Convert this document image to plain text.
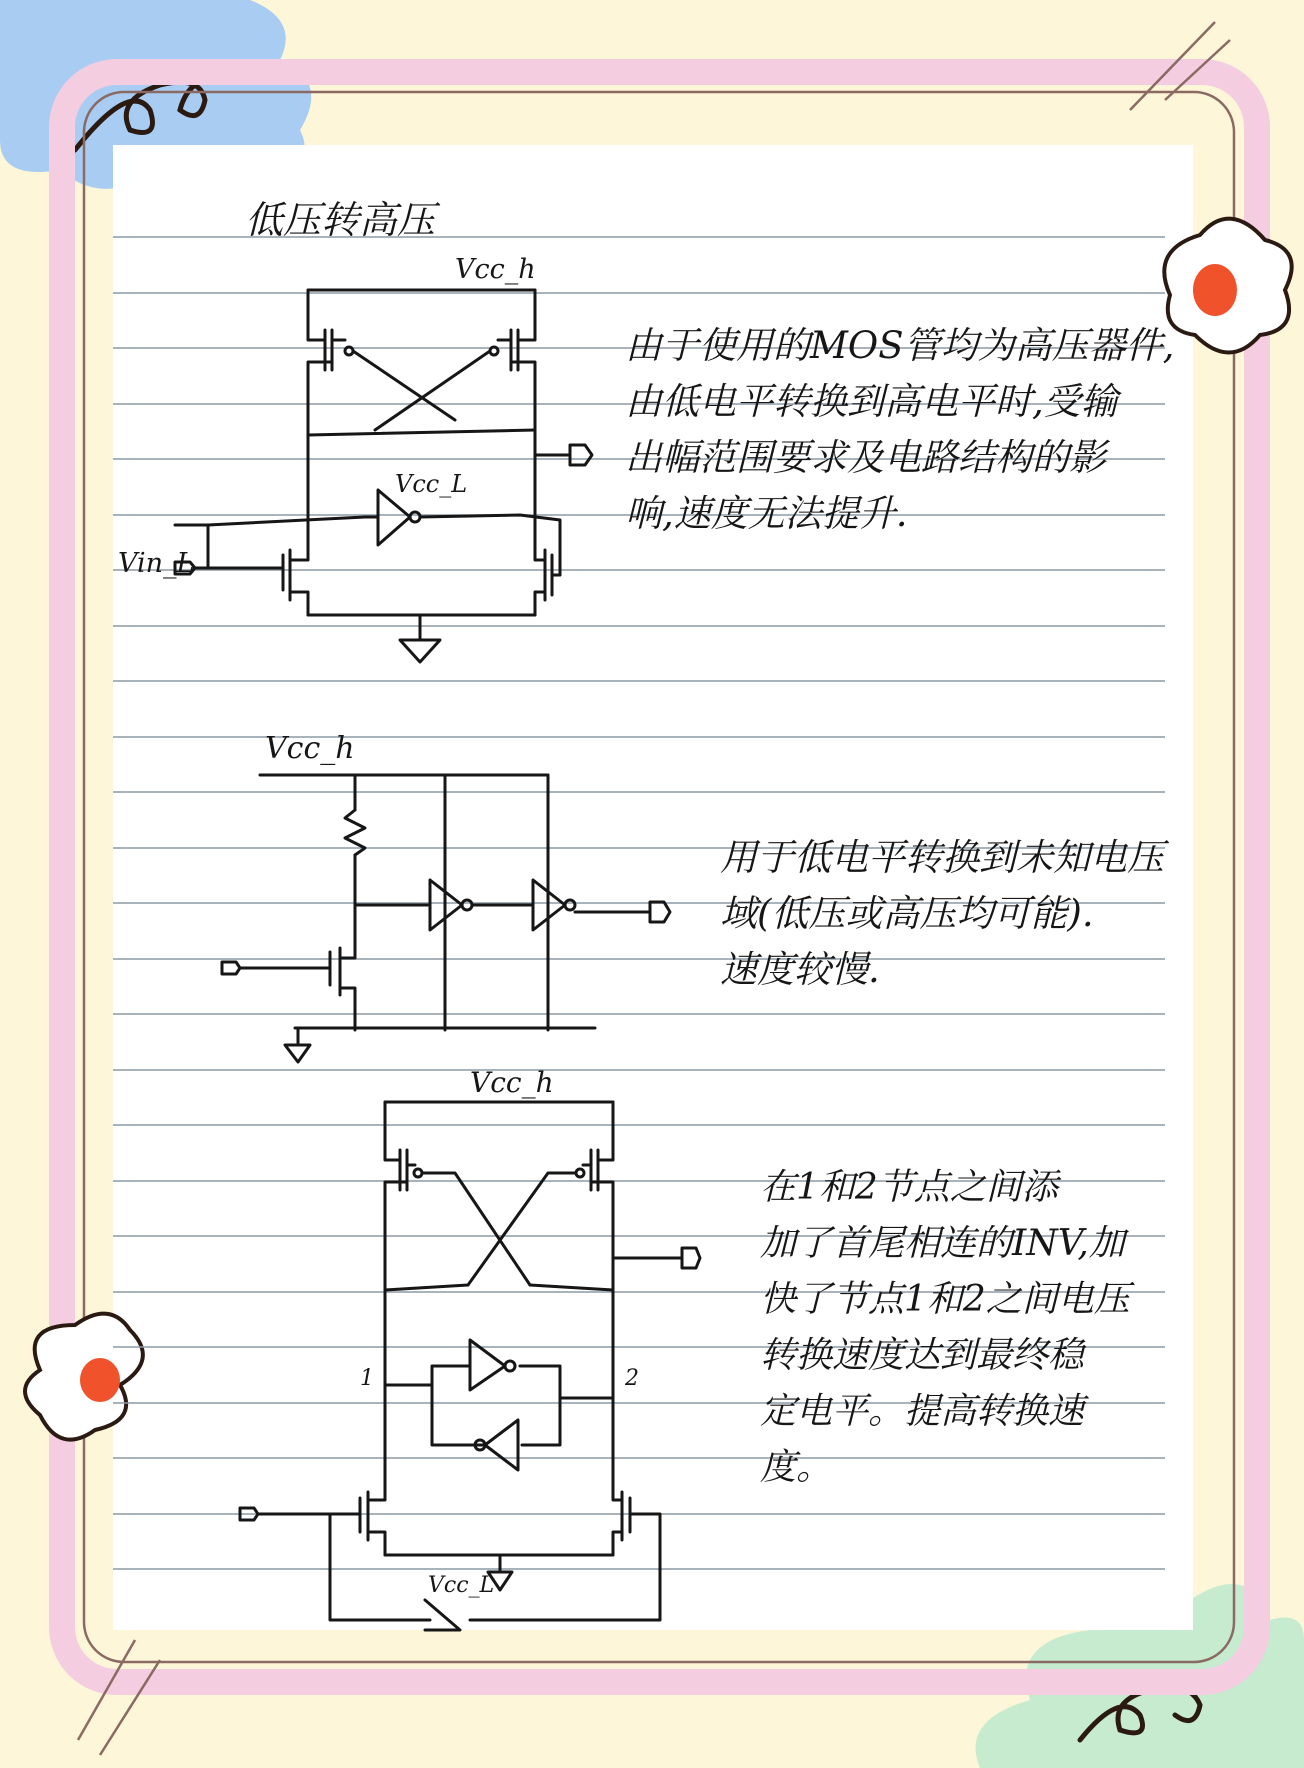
Vcc_h
Vcc_L
Vin_L
低压转高压
Vcc_h
Vcc_h
1	2
Vcc_L
由于使用的MOS管均为高压器件,
由低电平转换到高电平时,受输
出幅范围要求及电路结构的影
响,速度无法提升.
用于低电平转换到未知电压
域(低压或高压均可能).
速度较慢.
在1和2节点之间添
加了首尾相连的INV,加
快了节点1和2之间电压
转换速度达到最终稳
定电平。提高转换速
度。
